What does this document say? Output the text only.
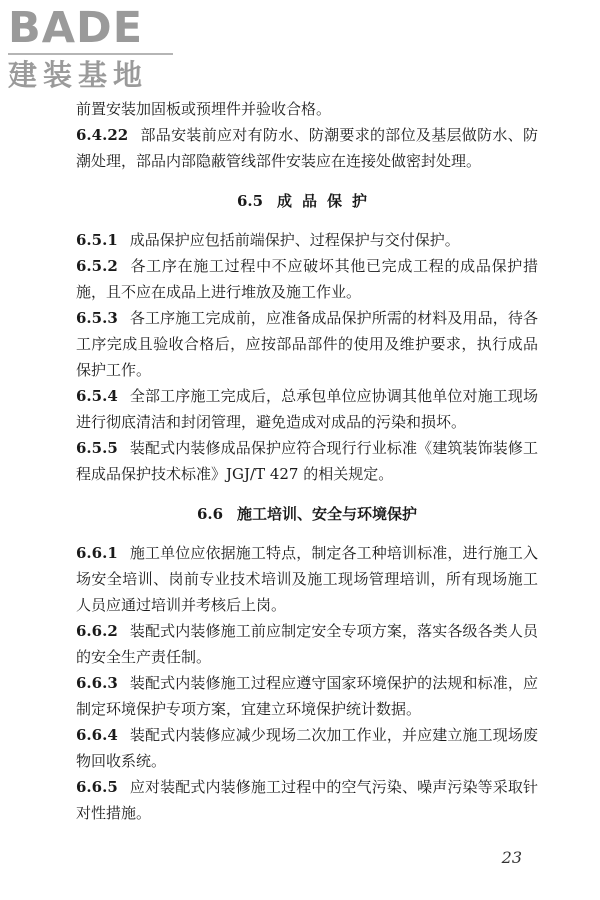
BADE
建装基地

前置安装加固板或预埋件并验收合格。

6.4.22 部品安装前应对有防水、防潮要求的部位及基层做防水、防潮处理，部品内部隐蔽管线部件安装应在连接处做密封处理。

6.5 成品保护

6.5.1 成品保护应包括前端保护、过程保护与交付保护。

6.5.2 各工序在施工过程中不应破坏其他已完成工程的成品保护措施，且不应在成品上进行堆放及施工作业。

6.5.3 各工序施工完成前，应准备成品保护所需的材料及用品，待各工序完成且验收合格后，应按部品部件的使用及维护要求，执行成品保护工作。

6.5.4 全部工序施工完成后，总承包单位应协调其他单位对施工现场进行彻底清洁和封闭管理，避免造成对成品的污染和损坏。

6.5.5 装配式内装修成品保护应符合现行行业标准《建筑装饰装修工程成品保护技术标准》JGJ/T 427 的相关规定。

6.6 施工培训、安全与环境保护

6.6.1 施工单位应依据施工特点，制定各工种培训标准，进行施工入场安全培训、岗前专业技术培训及施工现场管理培训，所有现场施工人员应通过培训并考核后上岗。

6.6.2 装配式内装修施工前应制定安全专项方案，落实各级各类人员的安全生产责任制。

6.6.3 装配式内装修施工过程应遵守国家环境保护的法规和标准，应制定环境保护专项方案，宜建立环境保护统计数据。

6.6.4 装配式内装修应减少现场二次加工作业，并应建立施工现场废物回收系统。

6.6.5 应对装配式内装修施工过程中的空气污染、噪声污染等采取针对性措施。

23
